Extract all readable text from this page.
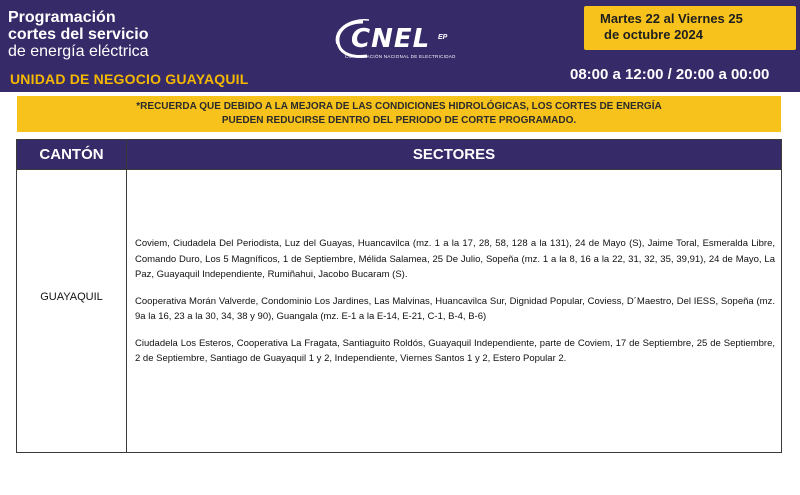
Programación
cortes del servicio
de energía eléctrica
UNIDAD DE NEGOCIO GUAYAQUIL
CNEL EP
CORPORACIÓN NACIONAL DE ELECTRICIDAD
Martes 22 al Viernes 25
de octubre 2024
08:00 a 12:00 / 20:00 a 00:00
*RECUERDA QUE DEBIDO A LA MEJORA DE LAS CONDICIONES HIDROLÓGICAS, LOS CORTES DE ENERGÍA
PUEDEN REDUCIRSE DENTRO DEL PERIODO DE CORTE PROGRAMADO.
CANTÓN	SECTORES
GUAYAQUIL

Coviem, Ciudadela Del Periodista, Luz del Guayas, Huancavilca (mz. 1 a la 17, 28, 58, 128 a la 131), 24 de Mayo (S), Jaime Toral, Esmeralda Libre, Comando Duro, Los 5 Magníficos, 1 de Septiembre, Mélida Salamea, 25 De Julio, Sopeña (mz. 1 a la 8, 16 a la 22, 31, 32, 35, 39,91), 24 de Mayo, La Paz, Guayaquil Independiente, Rumiñahui, Jacobo Bucaram (S).

Cooperativa Morán Valverde, Condominio Los Jardines, Las Malvinas, Huancavilca Sur, Dignidad Popular, Coviess, D´Maestro, Del IESS, Sopeña (mz. 9a la 16, 23 a la 30, 34, 38 y 90), Guangala (mz. E-1 a la E-14, E-21, C-1, B-4, B-6)

Ciudadela Los Esteros, Cooperativa La Fragata, Santiaguito Roldós, Guayaquil Independiente, parte de Coviem, 17 de Septiembre, 25 de Septiembre, 2 de Septiembre, Santiago de Guayaquil 1 y 2, Independiente, Viernes Santos 1 y 2, Estero Popular 2.
